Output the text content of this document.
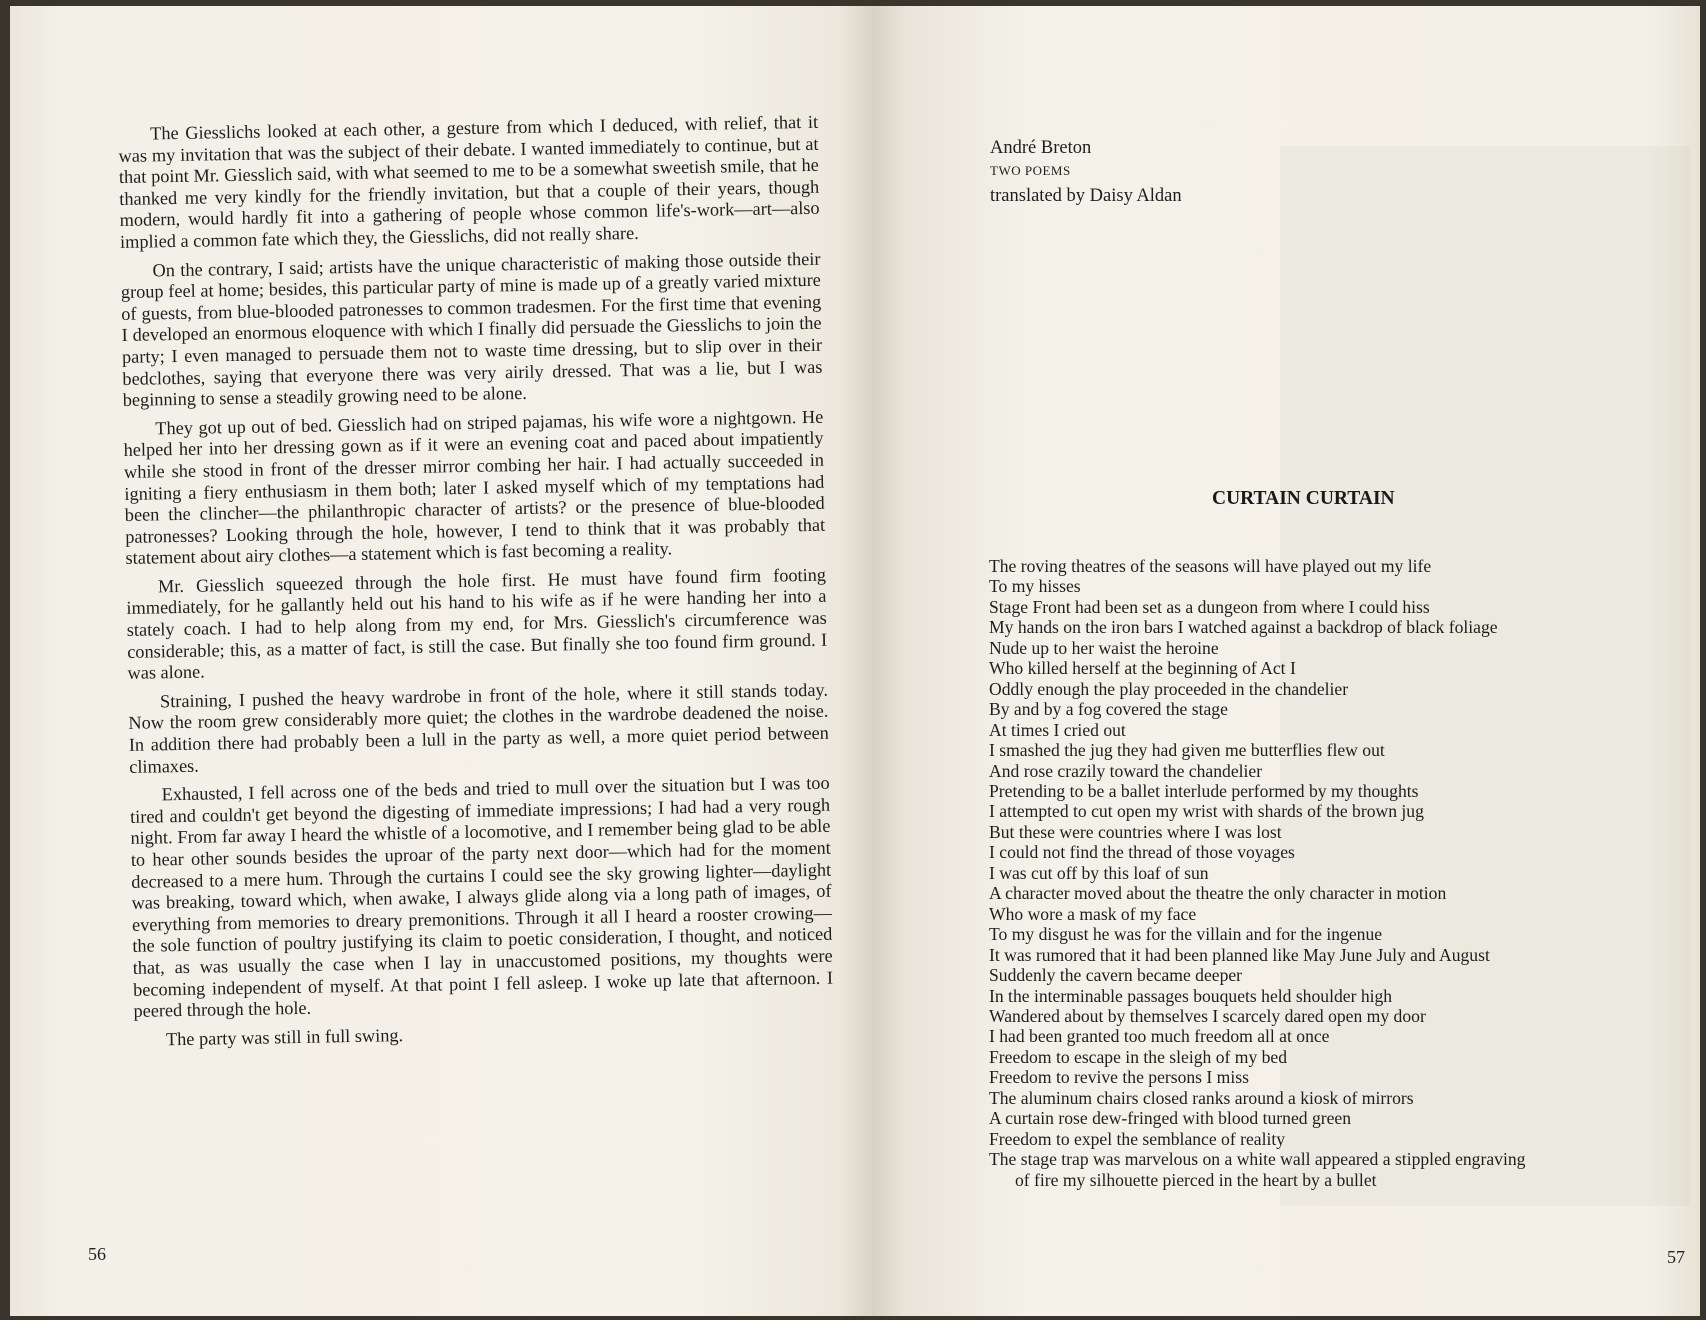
The Giesslichs looked at each other, a gesture from which I deduced, with relief, that it was my invitation that was the subject of their debate. I wanted immediately to continue, but at that point Mr. Giesslich said, with what seemed to me to be a somewhat sweetish smile, that he thanked me very kindly for the friendly invitation, but that a couple of their years, though modern, would hardly fit into a gathering of people whose common life's-work—art—also implied a common fate which they, the Giesslichs, did not really share.

On the contrary, I said; artists have the unique characteristic of making those outside their group feel at home; besides, this particular party of mine is made up of a greatly varied mixture of guests, from blue-blooded patronesses to common tradesmen. For the first time that evening I developed an enormous eloquence with which I finally did persuade the Giesslichs to join the party; I even managed to persuade them not to waste time dressing, but to slip over in their bedclothes, saying that everyone there was very airily dressed. That was a lie, but I was beginning to sense a steadily growing need to be alone.

They got up out of bed. Giesslich had on striped pajamas, his wife wore a nightgown. He helped her into her dressing gown as if it were an evening coat and paced about impatiently while she stood in front of the dresser mirror combing her hair. I had actually succeeded in igniting a fiery enthusiasm in them both; later I asked myself which of my temptations had been the clincher—the philanthropic character of artists? or the presence of blue-blooded patronesses? Looking through the hole, however, I tend to think that it was probably that statement about airy clothes—a statement which is fast becoming a reality.

Mr. Giesslich squeezed through the hole first. He must have found firm footing immediately, for he gallantly held out his hand to his wife as if he were handing her into a stately coach. I had to help along from my end, for Mrs. Giesslich's circumference was considerable; this, as a matter of fact, is still the case. But finally she too found firm ground. I was alone.

Straining, I pushed the heavy wardrobe in front of the hole, where it still stands today. Now the room grew considerably more quiet; the clothes in the wardrobe deadened the noise. In addition there had probably been a lull in the party as well, a more quiet period between climaxes.

Exhausted, I fell across one of the beds and tried to mull over the situation but I was too tired and couldn't get beyond the digesting of immediate impressions; I had had a very rough night. From far away I heard the whistle of a locomotive, and I remember being glad to be able to hear other sounds besides the uproar of the party next door—which had for the moment decreased to a mere hum. Through the curtains I could see the sky growing lighter—daylight was breaking, toward which, when awake, I always glide along via a long path of images, of everything from memories to dreary premonitions. Through it all I heard a rooster crowing—the sole function of poultry justifying its claim to poetic consideration, I thought, and noticed that, as was usually the case when I lay in unaccustomed positions, my thoughts were becoming independent of myself. At that point I fell asleep. I woke up late that afternoon. I peered through the hole.

The party was still in full swing.

56
André Breton
TWO POEMS
translated by Daisy Aldan
CURTAIN CURTAIN
The roving theatres of the seasons will have played out my life
To my hisses
Stage Front had been set as a dungeon from where I could hiss
My hands on the iron bars I watched against a backdrop of black foliage
Nude up to her waist the heroine
Who killed herself at the beginning of Act I
Oddly enough the play proceeded in the chandelier
By and by a fog covered the stage
At times I cried out
I smashed the jug they had given me butterflies flew out
And rose crazily toward the chandelier
Pretending to be a ballet interlude performed by my thoughts
I attempted to cut open my wrist with shards of the brown jug
But these were countries where I was lost
I could not find the thread of those voyages
I was cut off by this loaf of sun
A character moved about the theatre the only character in motion
Who wore a mask of my face
To my disgust he was for the villain and for the ingenue
It was rumored that it had been planned like May June July and August
Suddenly the cavern became deeper
In the interminable passages bouquets held shoulder high
Wandered about by themselves I scarcely dared open my door
I had been granted too much freedom all at once
Freedom to escape in the sleigh of my bed
Freedom to revive the persons I miss
The aluminum chairs closed ranks around a kiosk of mirrors
A curtain rose dew-fringed with blood turned green
Freedom to expel the semblance of reality
The stage trap was marvelous on a white wall appeared a stippled engraving
of fire my silhouette pierced in the heart by a bullet
57
